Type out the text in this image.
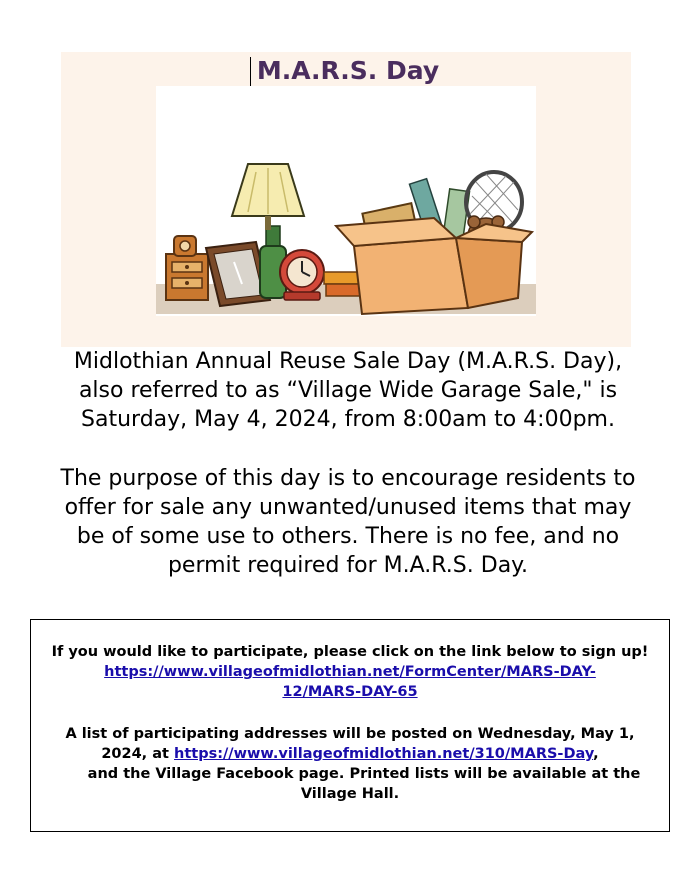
M.A.R.S. Day
Midlothian Annual Reuse Sale Day (M.A.R.S. Day),
also referred to as “Village Wide Garage Sale," is
Saturday, May 4, 2024, from 8:00am to 4:00pm.
The purpose of this day is to encourage residents to
offer for sale any unwanted/unused items that may
be of some use to others. There is no fee, and no
permit required for M.A.R.S. Day.
If you would like to participate, please click on the link below to sign up!
https://www.villageofmidlothian.net/FormCenter/MARS-DAY-
12/MARS-DAY-65
A list of participating addresses will be posted on Wednesday, May 1,
2024, at https://www.villageofmidlothian.net/310/MARS-Day,
and the Village Facebook page. Printed lists will be available at the
Village Hall.
